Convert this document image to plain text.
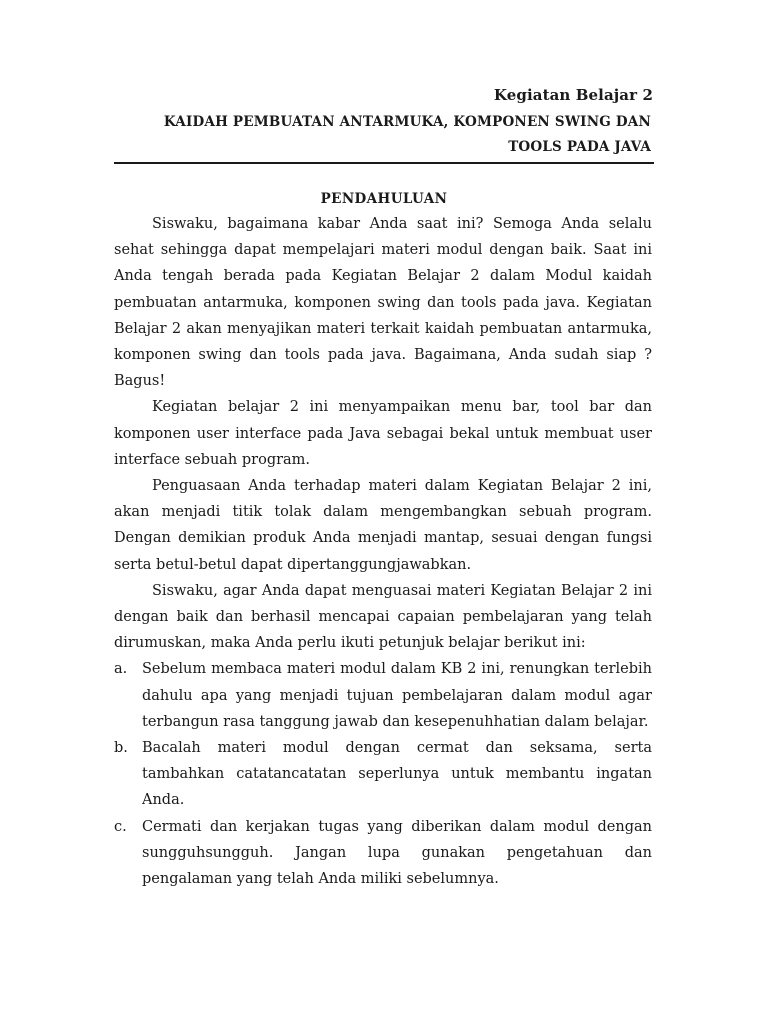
Kegiatan Belajar 2
KAIDAH PEMBUATAN ANTARMUKA, KOMPONEN SWING DAN
TOOLS PADA JAVA
PENDAHULUAN

Siswaku, bagaimana kabar Anda saat ini? Semoga Anda selalu sehat sehingga dapat mempelajari materi modul dengan baik. Saat ini Anda tengah berada pada Kegiatan Belajar 2 dalam Modul kaidah pembuatan antarmuka, komponen swing dan tools pada java. Kegiatan Belajar 2 akan menyajikan materi terkait kaidah pembuatan antarmuka, komponen swing dan tools pada java. Bagaimana, Anda sudah siap ? Bagus!

Kegiatan belajar 2 ini menyampaikan menu bar, tool bar dan komponen user interface pada Java sebagai bekal untuk membuat user interface sebuah program.

Penguasaan Anda terhadap materi dalam Kegiatan Belajar 2 ini, akan menjadi titik tolak dalam mengembangkan sebuah program. Dengan demikian produk Anda menjadi mantap, sesuai dengan fungsi serta betul-betul dapat dipertanggungjawabkan.

Siswaku, agar Anda dapat menguasai materi Kegiatan Belajar 2 ini dengan baik dan berhasil mencapai capaian pembelajaran yang telah dirumuskan, maka Anda perlu ikuti petunjuk belajar berikut ini:

a. Sebelum membaca materi modul dalam KB 2 ini, renungkan terlebih dahulu apa yang menjadi tujuan pembelajaran dalam modul agar terbangun rasa tanggung jawab dan kesepenuhhatian dalam belajar.
b. Bacalah materi modul dengan cermat dan seksama, serta tambahkan catatancatatan seperlunya untuk membantu ingatan Anda.
c. Cermati dan kerjakan tugas yang diberikan dalam modul dengan sungguhsungguh. Jangan lupa gunakan pengetahuan dan pengalaman yang telah Anda miliki sebelumnya.
